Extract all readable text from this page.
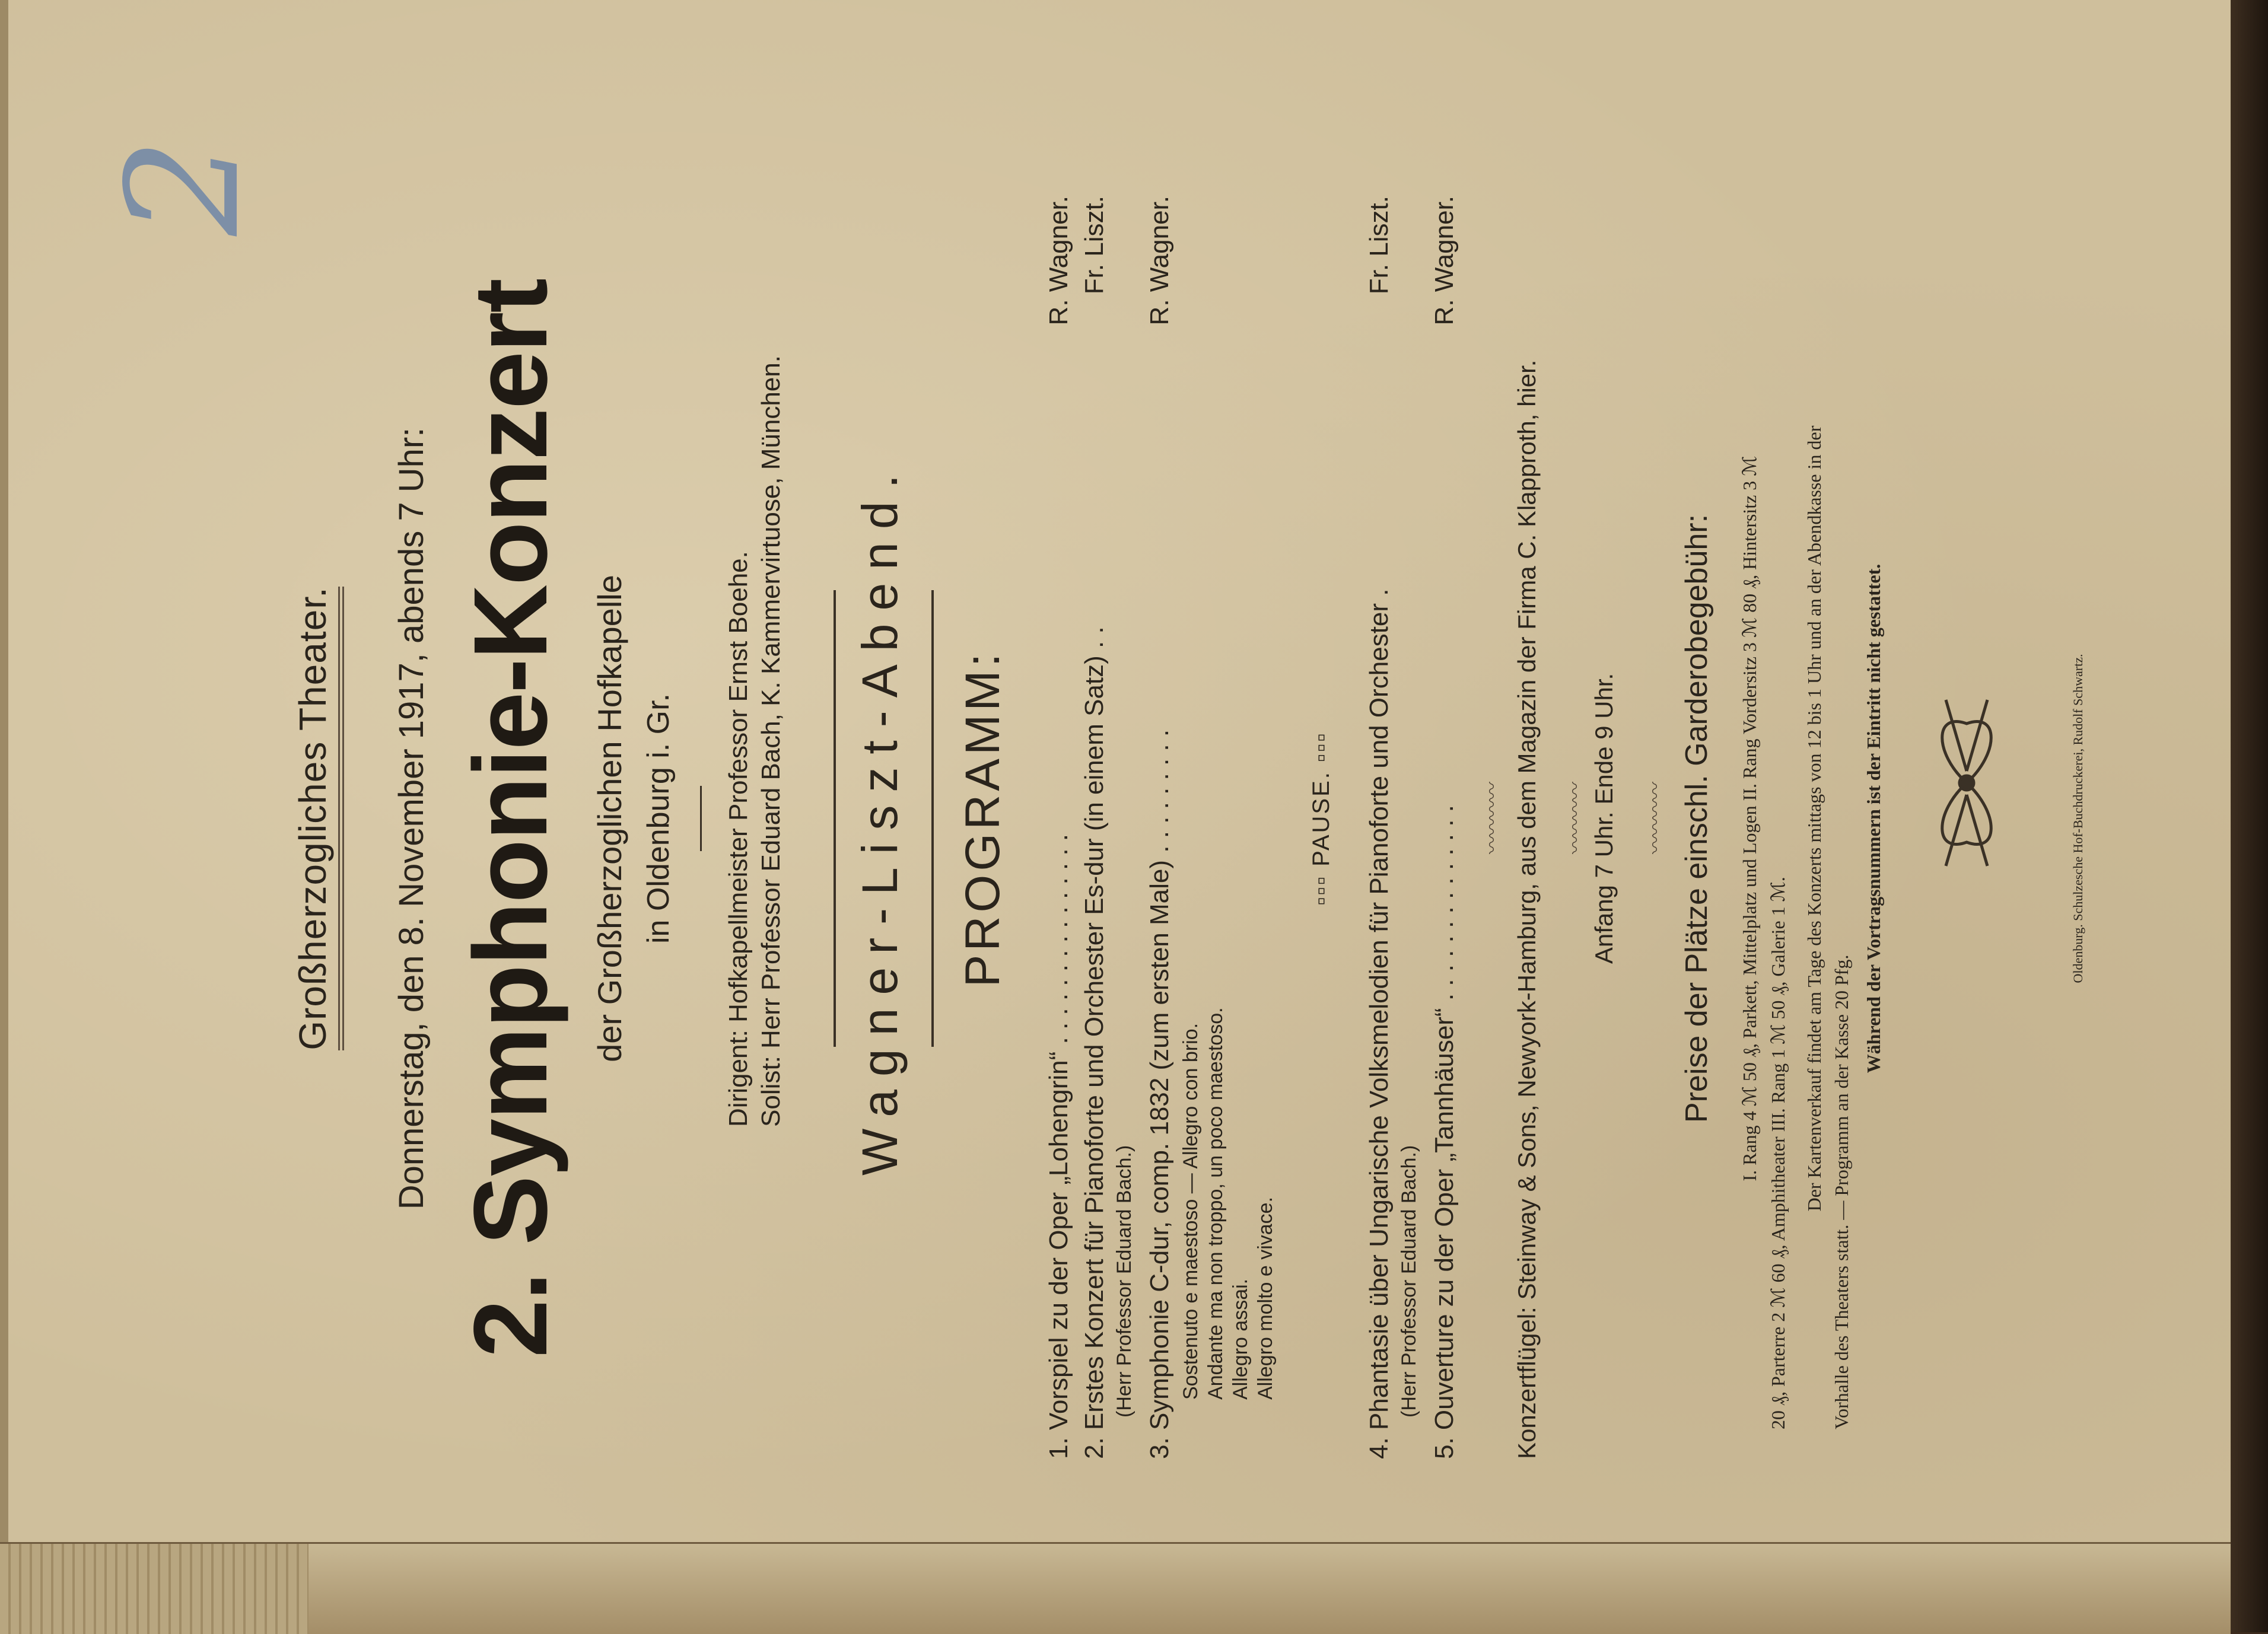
2
Großherzogliches Theater. Donnerstag, den 8. November 1917, abends 7 Uhr: 2. Symphonie-Konzert der Großherzoglichen Hofkapelle in Oldenburg i. Gr. Dirigent: Hofkapellmeister Professor Ernst Boehe. Solist: Herr Professor Eduard Bach, K. Kammervirtuose, München. Wagner-Liszt-Abend. PROGRAMM:
1. Vorspiel zu der Oper „Lohengrin“ . . . . . . . . . . . . . . .
R. Wagner.
2. Erstes Konzert für Pianoforte und Orchester Es-dur (in einem Satz) . .
Fr. Liszt.
(Herr Professor Eduard Bach.) 3. Symphonie C-dur, comp. 1832 (zum ersten Male) . . . . . . . . .
R. Wagner.
Sostenuto e maestoso — Allegro con brio. Andante ma non troppo, un poco maestoso. Allegro assai. Allegro molto e vivace.
▫▫▫ PAUSE. ▫▫▫ 4. Phantasie über Ungarische Volksmelodien für Pianoforte und Orchester .
Fr. Liszt.
(Herr Professor Eduard Bach.) 5. Ouverture zu der Oper „Tannhäuser“ . . . . . . . . . . . . . .
R. Wagner.
〰〰〰〰 Konzertflügel: Steinway & Sons, Newyork-Hamburg, aus dem Magazin der Firma C. Klapproth, hier. 〰〰〰〰 Anfang 7 Uhr. Ende 9 Uhr. 〰〰〰〰 Preise der Plätze einschl. Garderobegebühr: I. Rang 4 ℳ 50 ₰, Parkett, Mittelplatz und Logen II. Rang Vordersitz 3 ℳ 80 ₰, Hintersitz 3 ℳ 20 ₰, Parterre 2 ℳ 60 ₰, Amphitheater III. Rang 1 ℳ 50 ₰, Galerie 1 ℳ. Der Kartenverkauf findet am Tage des Konzerts mittags von 12 bis 1 Uhr und an der Abendkasse in der Vorhalle des Theaters statt. — Programm an der Kasse 20 Pfg.
Während der Vortragsnummern ist der Eintritt nicht gestattet.	Oldenburg. Schulzesche Hof-Buchdruckerei, Rudolf Schwartz.
